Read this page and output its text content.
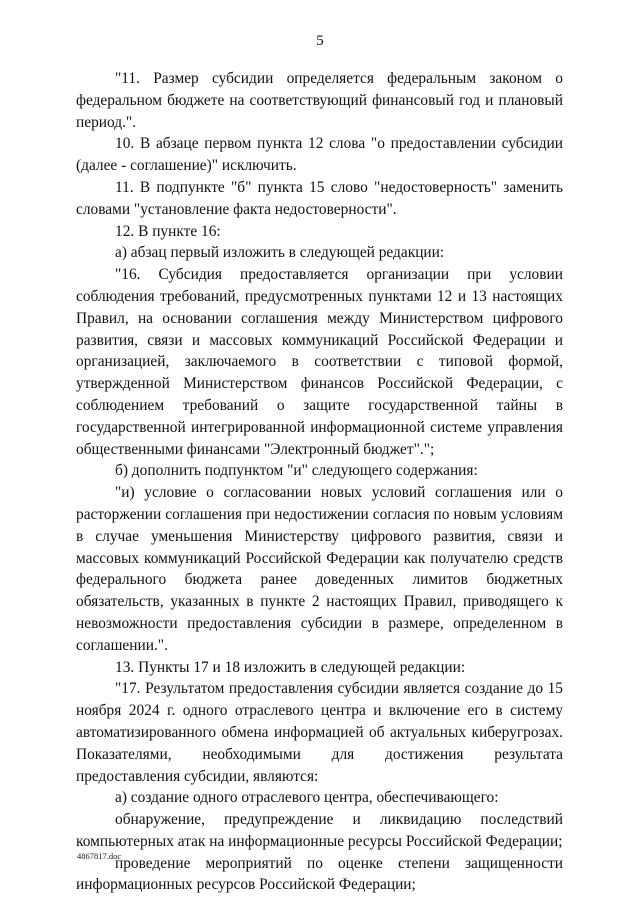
5

"11. Размер субсидии определяется федеральным законом о федеральном бюджете на соответствующий финансовый год и плановый период.".

10. В абзаце первом пункта 12 слова "о предоставлении субсидии (далее - соглашение)" исключить.

11. В подпункте "б" пункта 15 слово "недостоверность" заменить словами "установление факта недостоверности".

12. В пункте 16:

а) абзац первый изложить в следующей редакции:

"16. Субсидия предоставляется организации при условии соблюдения требований, предусмотренных пунктами 12 и 13 настоящих Правил, на основании соглашения между Министерством цифрового развития, связи и массовых коммуникаций Российской Федерации и организацией, заключаемого в соответствии с типовой формой, утвержденной Министерством финансов Российской Федерации, с соблюдением требований о защите государственной тайны в государственной интегрированной информационной системе управления общественными финансами "Электронный бюджет".";

б) дополнить подпунктом "и" следующего содержания:

"и) условие о согласовании новых условий соглашения или о расторжении соглашения при недостижении согласия по новым условиям в случае уменьшения Министерству цифрового развития, связи и массовых коммуникаций Российской Федерации как получателю средств федерального бюджета ранее доведенных лимитов бюджетных обязательств, указанных в пункте 2 настоящих Правил, приводящего к невозможности предоставления субсидии в размере, определенном в соглашении.".

13. Пункты 17 и 18 изложить в следующей редакции:

"17. Результатом предоставления субсидии является создание до 15 ноября 2024 г. одного отраслевого центра и включение его в систему автоматизированного обмена информацией об актуальных киберугрозах. Показателями, необходимыми для достижения результата предоставления субсидии, являются:

а) создание одного отраслевого центра, обеспечивающего:

обнаружение, предупреждение и ликвидацию последствий компьютерных атак на информационные ресурсы Российской Федерации;

проведение мероприятий по оценке степени защищенности информационных ресурсов Российской Федерации;

4867817.doc
